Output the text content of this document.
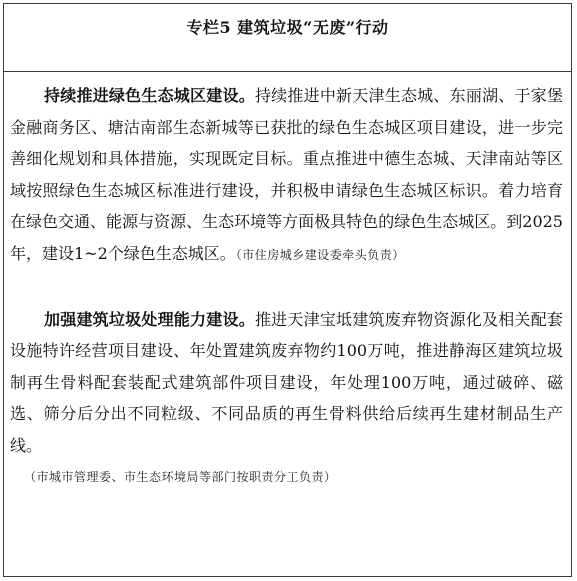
专栏5 建筑垃圾“无废”行动

持续推进绿色生态城区建设。持续推进中新天津生态城、东丽湖、于家堡金融商务区、塘沽南部生态新城等已获批的绿色生态城区项目建设，进一步完善细化规划和具体措施，实现既定目标。重点推进中德生态城、天津南站等区域按照绿色生态城区标准进行建设，并积极申请绿色生态城区标识。着力培育在绿色交通、能源与资源、生态环境等方面极具特色的绿色生态城区。到2025年，建设1~2个绿色生态城区。（市住房城乡建设委牵头负责）

加强建筑垃圾处理能力建设。推进天津宝坻建筑废弃物资源化及相关配套设施特许经营项目建设、年处置建筑废弃物约100万吨，推进静海区建筑垃圾制再生骨料配套装配式建筑部件项目建设，年处理100万吨，通过破碎、磁选、筛分后分出不同粒级、不同品质的再生骨料供给后续再生建材制品生产线。

（市城市管理委、市生态环境局等部门按职责分工负责）
